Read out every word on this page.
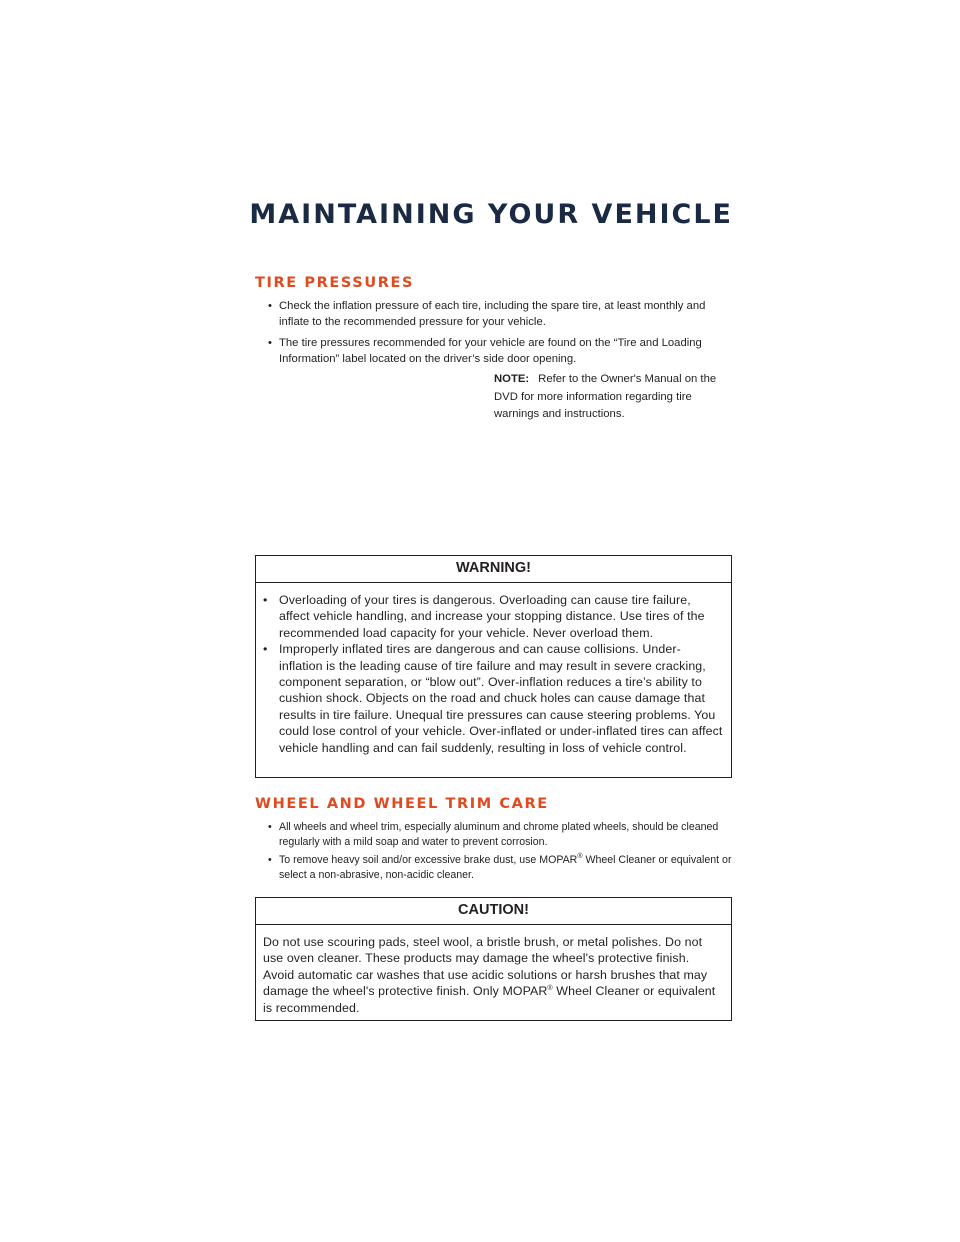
MAINTAINING YOUR VEHICLE
TIRE PRESSURES
• Check the inflation pressure of each tire, including the spare tire, at least monthly and inflate to the recommended pressure for your vehicle.
• The tire pressures recommended for your vehicle are found on the “Tire and Loading Information” label located on the driver’s side door opening.
NOTE: Refer to the Owner's Manual on the DVD for more information regarding tire warnings and instructions.
WARNING!
• Overloading of your tires is dangerous. Overloading can cause tire failure, affect vehicle handling, and increase your stopping distance. Use tires of the recommended load capacity for your vehicle. Never overload them.
• Improperly inflated tires are dangerous and can cause collisions. Under-inflation is the leading cause of tire failure and may result in severe cracking, component separation, or “blow out”. Over-inflation reduces a tire’s ability to cushion shock. Objects on the road and chuck holes can cause damage that results in tire failure. Unequal tire pressures can cause steering problems. You could lose control of your vehicle. Over-inflated or under-inflated tires can affect vehicle handling and can fail suddenly, resulting in loss of vehicle control.
WHEEL AND WHEEL TRIM CARE
• All wheels and wheel trim, especially aluminum and chrome plated wheels, should be cleaned regularly with a mild soap and water to prevent corrosion.
• To remove heavy soil and/or excessive brake dust, use MOPAR® Wheel Cleaner or equivalent or select a non-abrasive, non-acidic cleaner.
CAUTION!

Do not use scouring pads, steel wool, a bristle brush, or metal polishes. Do not use oven cleaner. These products may damage the wheel's protective finish. Avoid automatic car washes that use acidic solutions or harsh brushes that may damage the wheel's protective finish. Only MOPAR® Wheel Cleaner or equivalent is recommended.
